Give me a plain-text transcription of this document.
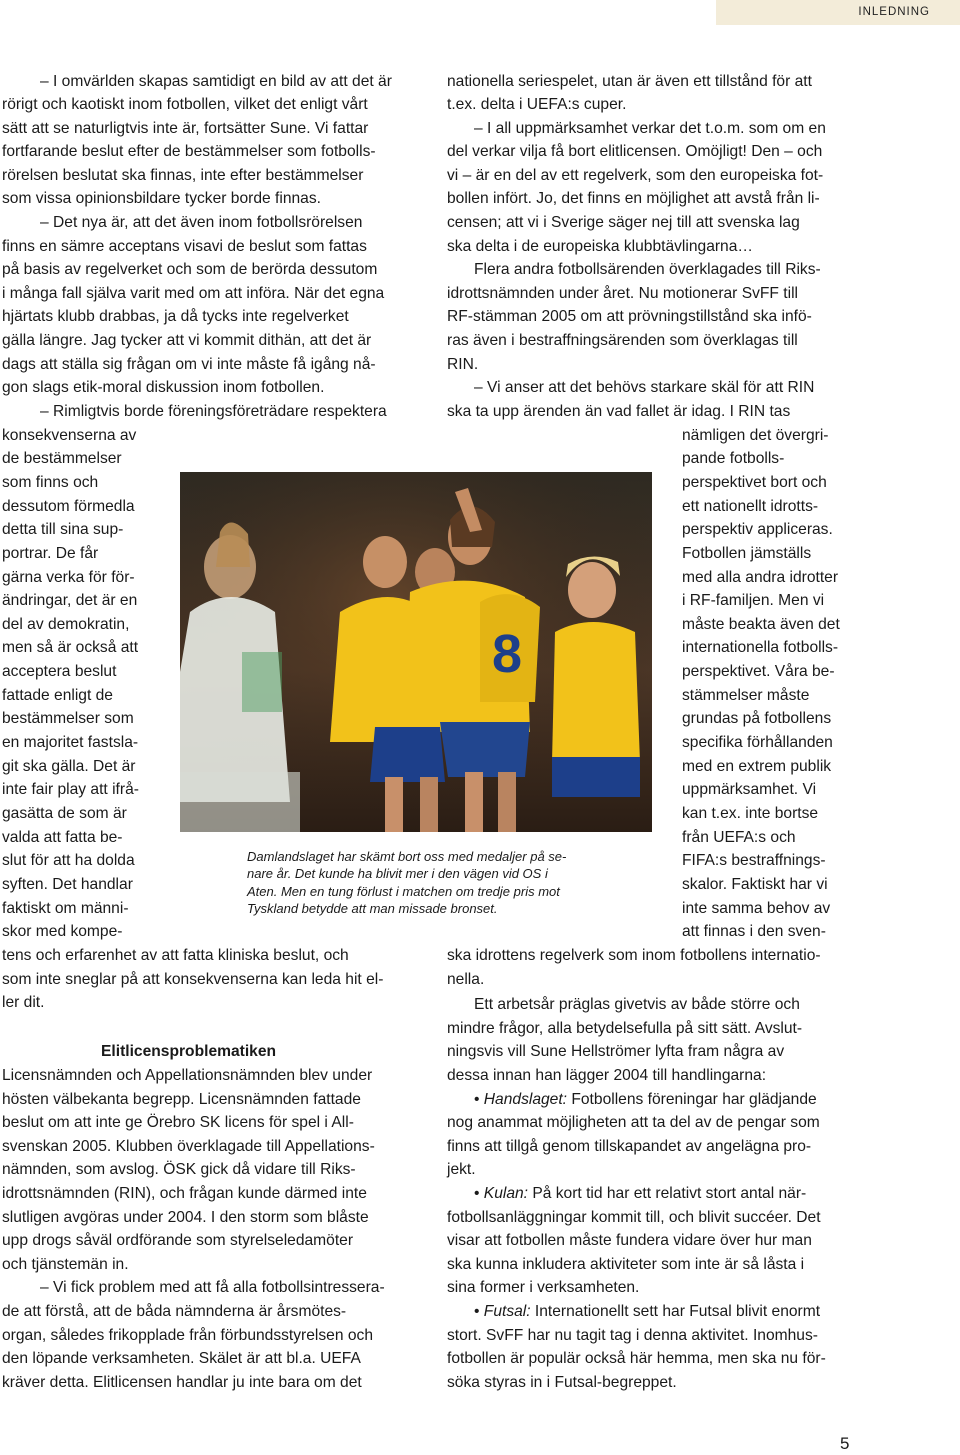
INLEDNING
– I omvärlden skapas samtidigt en bild av att det är
rörigt och kaotiskt inom fotbollen, vilket det enligt vårt
sätt att se naturligtvis inte är, fortsätter Sune. Vi fattar
fortfarande beslut efter de bestämmelser som fotbolls-
rörelsen beslutat ska finnas, inte efter bestämmelser
som vissa opinionsbildare tycker borde finnas.
– Det nya är, att det även inom fotbollsrörelsen
finns en sämre acceptans visavi de beslut som fattas
på basis av regelverket och som de berörda dessutom
i många fall själva varit med om att införa. När det egna
hjärtats klubb drabbas, ja då tycks inte regelverket
gälla längre. Jag tycker att vi kommit dithän, att det är
dags att ställa sig frågan om vi inte måste få igång nå-
gon slags etik-moral diskussion inom fotbollen.
– Rimligtvis borde föreningsföreträdare respektera
konsekvenserna av
de bestämmelser
som finns och
dessutom förmedla
detta till sina sup-
portrar. De får
gärna verka för för-
ändringar, det är en
del av demokratin,
men så är också att
acceptera beslut
fattade enligt de
bestämmelser som
en majoritet fastsla-
git ska gälla. Det är
inte fair play att ifrå-
gasätta de som är
valda att fatta be-
slut för att ha dolda
syften. Det handlar
faktiskt om männi-
skor med kompe-
tens och erfarenhet av att fatta kliniska beslut, och
som inte sneglar på att konsekvenserna kan leda hit el-
ler dit.
Elitlicensproblematiken
Licensnämnden och Appellationsnämnden blev under
hösten välbekanta begrepp. Licensnämnden fattade
beslut om att inte ge Örebro SK licens för spel i All-
svenskan 2005. Klubben överklagade till Appellations-
nämnden, som avslog. ÖSK gick då vidare till Riks-
idrottsnämnden (RIN), och frågan kunde därmed inte
slutligen avgöras under 2004. I den storm som blåste
upp drogs såväl ordförande som styrelseledamöter
och tjänstemän in.
– Vi fick problem med att få alla fotbollsintressera-
de att förstå, att de båda nämnderna är årsmötes-
organ, således frikopplade från förbundsstyrelsen och
den löpande verksamheten. Skälet är att bl.a. UEFA
kräver detta. Elitlicensen handlar ju inte bara om det
nationella seriespelet, utan är även ett tillstånd för att
t.ex. delta i UEFA:s cuper.
– I all uppmärksamhet verkar det t.o.m. som om en
del verkar vilja få bort elitlicensen. Omöjligt! Den – och
vi – är en del av ett regelverk, som den europeiska fot-
bollen infört. Jo, det finns en möjlighet att avstå från li-
censen; att vi i Sverige säger nej till att svenska lag
ska delta i de europeiska klubbtävlingarna…
Flera andra fotbollsärenden överklagades till Riks-
idrottsnämnden under året. Nu motionerar SvFF till
RF-stämman 2005 om att prövningstillstånd ska infö-
ras även i bestraffningsärenden som överklagas till
RIN.
– Vi anser att det behövs starkare skäl för att RIN
ska ta upp ärenden än vad fallet är idag. I RIN tas
nämligen det övergri-
pande fotbolls-
perspektivet bort och
ett nationellt idrotts-
perspektiv appliceras.
Fotbollen jämställs
med alla andra idrotter
i RF-familjen. Men vi
måste beakta även det
internationella fotbolls-
perspektivet. Våra be-
stämmelser måste
grundas på fotbollens
specifika förhållanden
med en extrem publik
uppmärksamhet. Vi
kan t.ex. inte bortse
från UEFA:s och
FIFA:s bestraffnings-
skalor. Faktiskt har vi
inte samma behov av
att finnas i den sven-
ska idrottens regelverk som inom fotbollens internatio-
nella.
Ett arbetsår präglas givetvis av både större och
mindre frågor, alla betydelsefulla på sitt sätt. Avslut-
ningsvis vill Sune Hellströmer lyfta fram några av
dessa innan han lägger 2004 till handlingarna:
• Handslaget: Fotbollens föreningar har glädjande
nog anammat möjligheten att ta del av de pengar som
finns att tillgå genom tillskapandet av angelägna pro-
jekt.
• Kulan: På kort tid har ett relativt stort antal när-
fotbollsanläggningar kommit till, och blivit succéer. Det
visar att fotbollen måste fundera vidare över hur man
ska kunna inkludera aktiviteter som inte är så låsta i
sina former i verksamheten.
• Futsal: Internationellt sett har Futsal blivit enormt
stort. SvFF har nu tagit tag i denna aktivitet. Inomhus-
fotbollen är populär också här hemma, men ska nu för-
söka styras in i Futsal-begreppet.
8
Damlandslaget har skämt bort oss med medaljer på se-
nare år. Det kunde ha blivit mer i den vägen vid OS i
Aten. Men en tung förlust i matchen om tredje pris mot
Tyskland betydde att man missade bronset.
5
